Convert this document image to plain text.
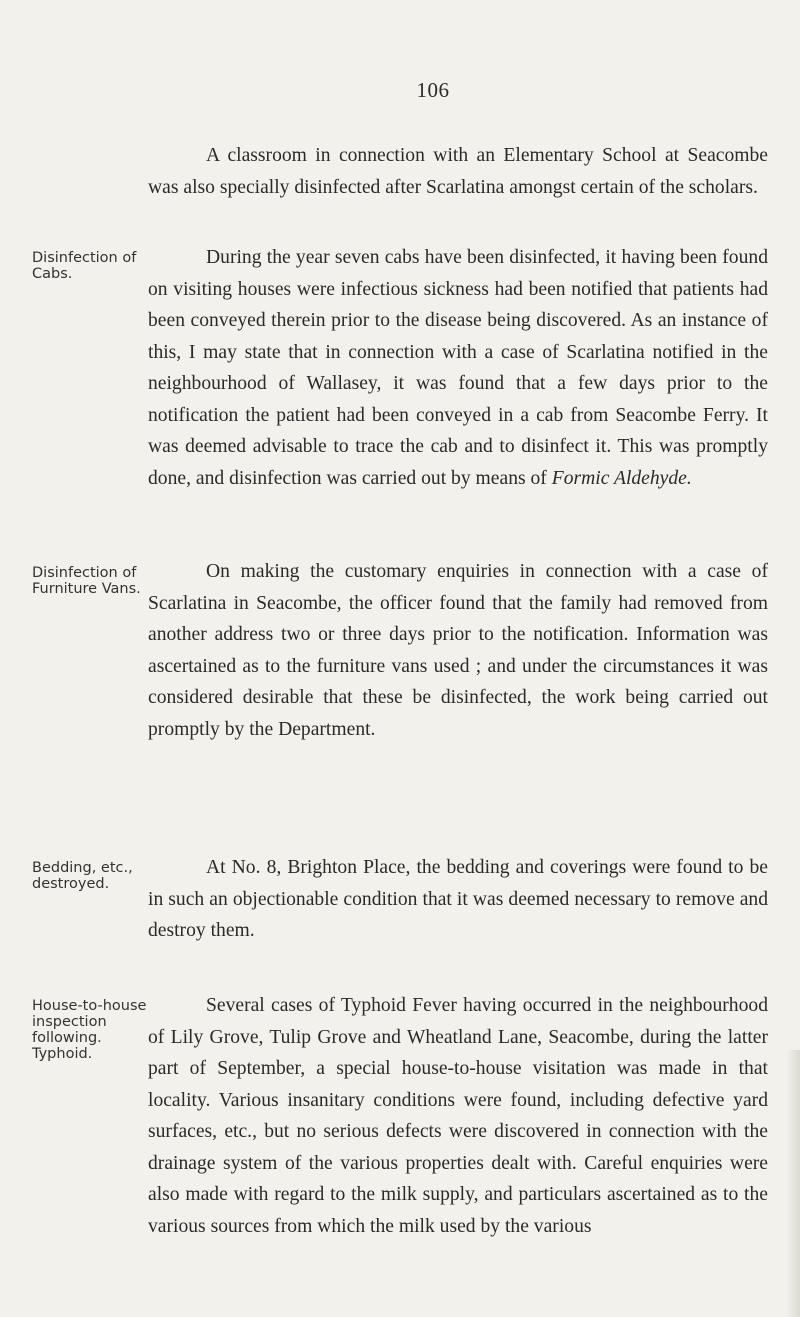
106

A classroom in connection with an Elementary School at Seacombe was also specially disinfected after Scarlatina amongst certain of the scholars.

Disinfection of Cabs.

During the year seven cabs have been disinfected, it having been found on visiting houses were infectious sickness had been notified that patients had been conveyed therein prior to the disease being discovered. As an instance of this, I may state that in connection with a case of Scarlatina notified in the neighbourhood of Wallasey, it was found that a few days prior to the notification the patient had been conveyed in a cab from Seacombe Ferry. It was deemed advisable to trace the cab and to disinfect it. This was promptly done, and disinfection was carried out by means of Formic Aldehyde.

Disinfection of Furniture Vans.

On making the customary enquiries in connection with a case of Scarlatina in Seacombe, the officer found that the family had removed from another address two or three days prior to the notification. Information was ascertained as to the furniture vans used ; and under the circumstances it was considered desirable that these be disinfected, the work being carried out promptly by the Department.

Bedding, etc., destroyed.

At No. 8, Brighton Place, the bedding and coverings were found to be in such an objectionable condition that it was deemed necessary to remove and destroy them.

House-to-house inspection following. Typhoid.

Several cases of Typhoid Fever having occurred in the neighbourhood of Lily Grove, Tulip Grove and Wheatland Lane, Seacombe, during the latter part of September, a special house-to-house visitation was made in that locality. Various insanitary conditions were found, including defective yard surfaces, etc., but no serious defects were discovered in connection with the drainage system of the various properties dealt with. Careful enquiries were also made with regard to the milk supply, and particulars ascertained as to the various sources from which the milk used by the various
